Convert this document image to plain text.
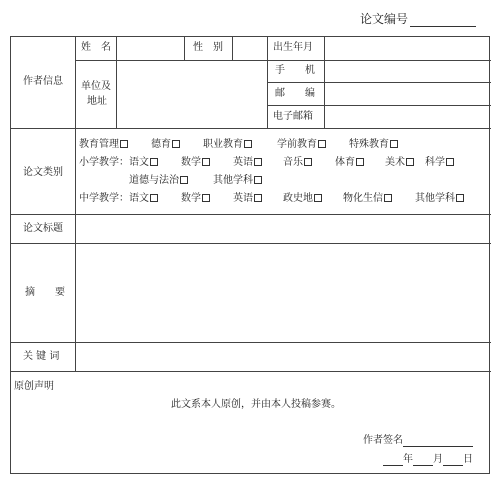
论文编号
作者信息
姓　名	性　别	出生年月
单位及
地址
手　　机
邮　　编
电子邮箱
论文类别
教育管理	德育	职业教育	学前教育	特殊教育
小学教学：语文	数学	英语	音乐	体育	美术 科学
道德与法治	其他学科
中学教学：语文	数学	英语	政史地	物化生信	其他学科
论文标题
摘　　要
关 键 词
原创声明
此文系本人原创，并由本人投稿参赛。
作者签名
年 月 日
